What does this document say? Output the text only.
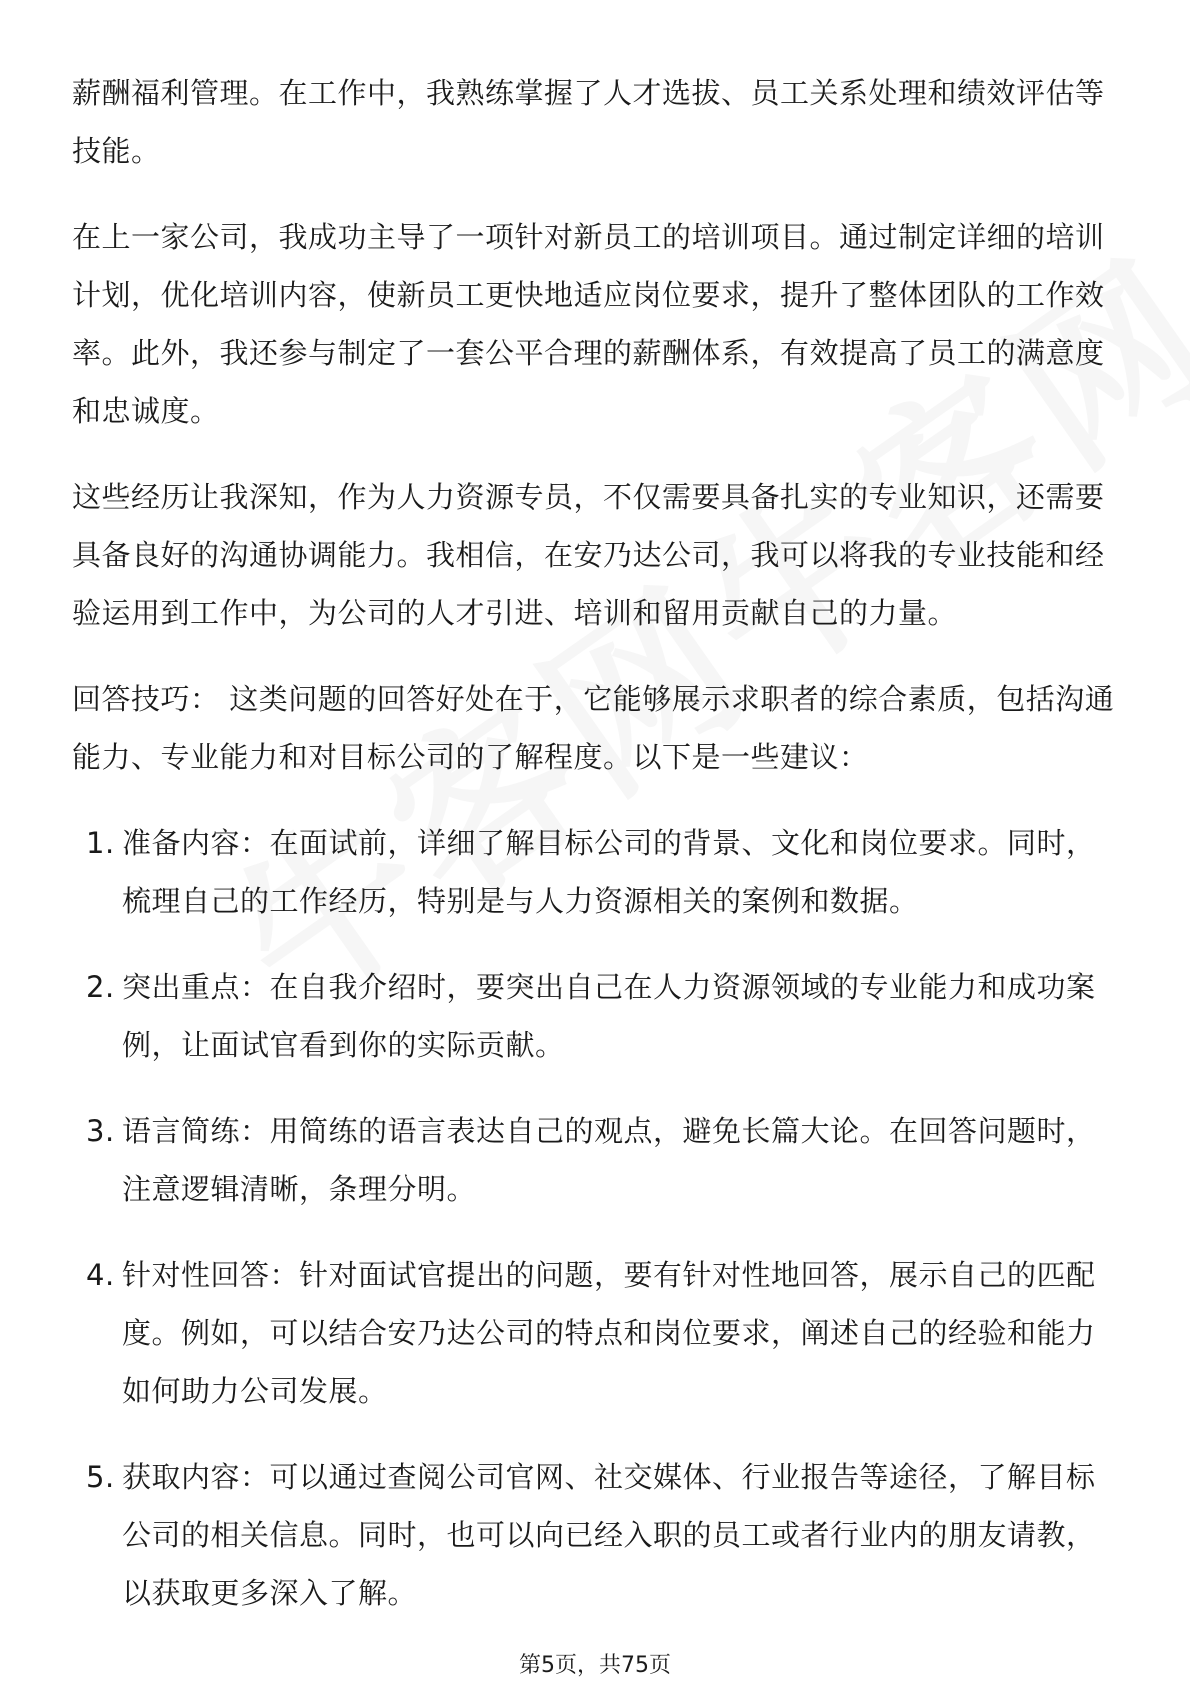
薪酬福利管理。在工作中，我熟练掌握了人才选拔、员工关系处理和绩效评估等技能。

在上一家公司，我成功主导了一项针对新员工的培训项目。通过制定详细的培训计划，优化培训内容，使新员工更快地适应岗位要求，提升了整体团队的工作效率。此外，我还参与制定了一套公平合理的薪酬体系，有效提高了员工的满意度和忠诚度。

这些经历让我深知，作为人力资源专员，不仅需要具备扎实的专业知识，还需要具备良好的沟通协调能力。我相信，在安乃达公司，我可以将我的专业技能和经验运用到工作中，为公司的人才引进、培训和留用贡献自己的力量。

回答技巧： 这类问题的回答好处在于，它能够展示求职者的综合素质，包括沟通能力、专业能力和对目标公司的了解程度。以下是一些建议：

1. 准备内容：在面试前，详细了解目标公司的背景、文化和岗位要求。同时，梳理自己的工作经历，特别是与人力资源相关的案例和数据。
2. 突出重点：在自我介绍时，要突出自己在人力资源领域的专业能力和成功案例，让面试官看到你的实际贡献。
3. 语言简练：用简练的语言表达自己的观点，避免长篇大论。在回答问题时，注意逻辑清晰，条理分明。
4. 针对性回答：针对面试官提出的问题，要有针对性地回答，展示自己的匹配度。例如，可以结合安乃达公司的特点和岗位要求，阐述自己的经验和能力如何助力公司发展。
5. 获取内容：可以通过查阅公司官网、社交媒体、行业报告等途径，了解目标公司的相关信息。同时，也可以向已经入职的员工或者行业内的朋友请教，以获取更多深入了解。
第5页，共75页
